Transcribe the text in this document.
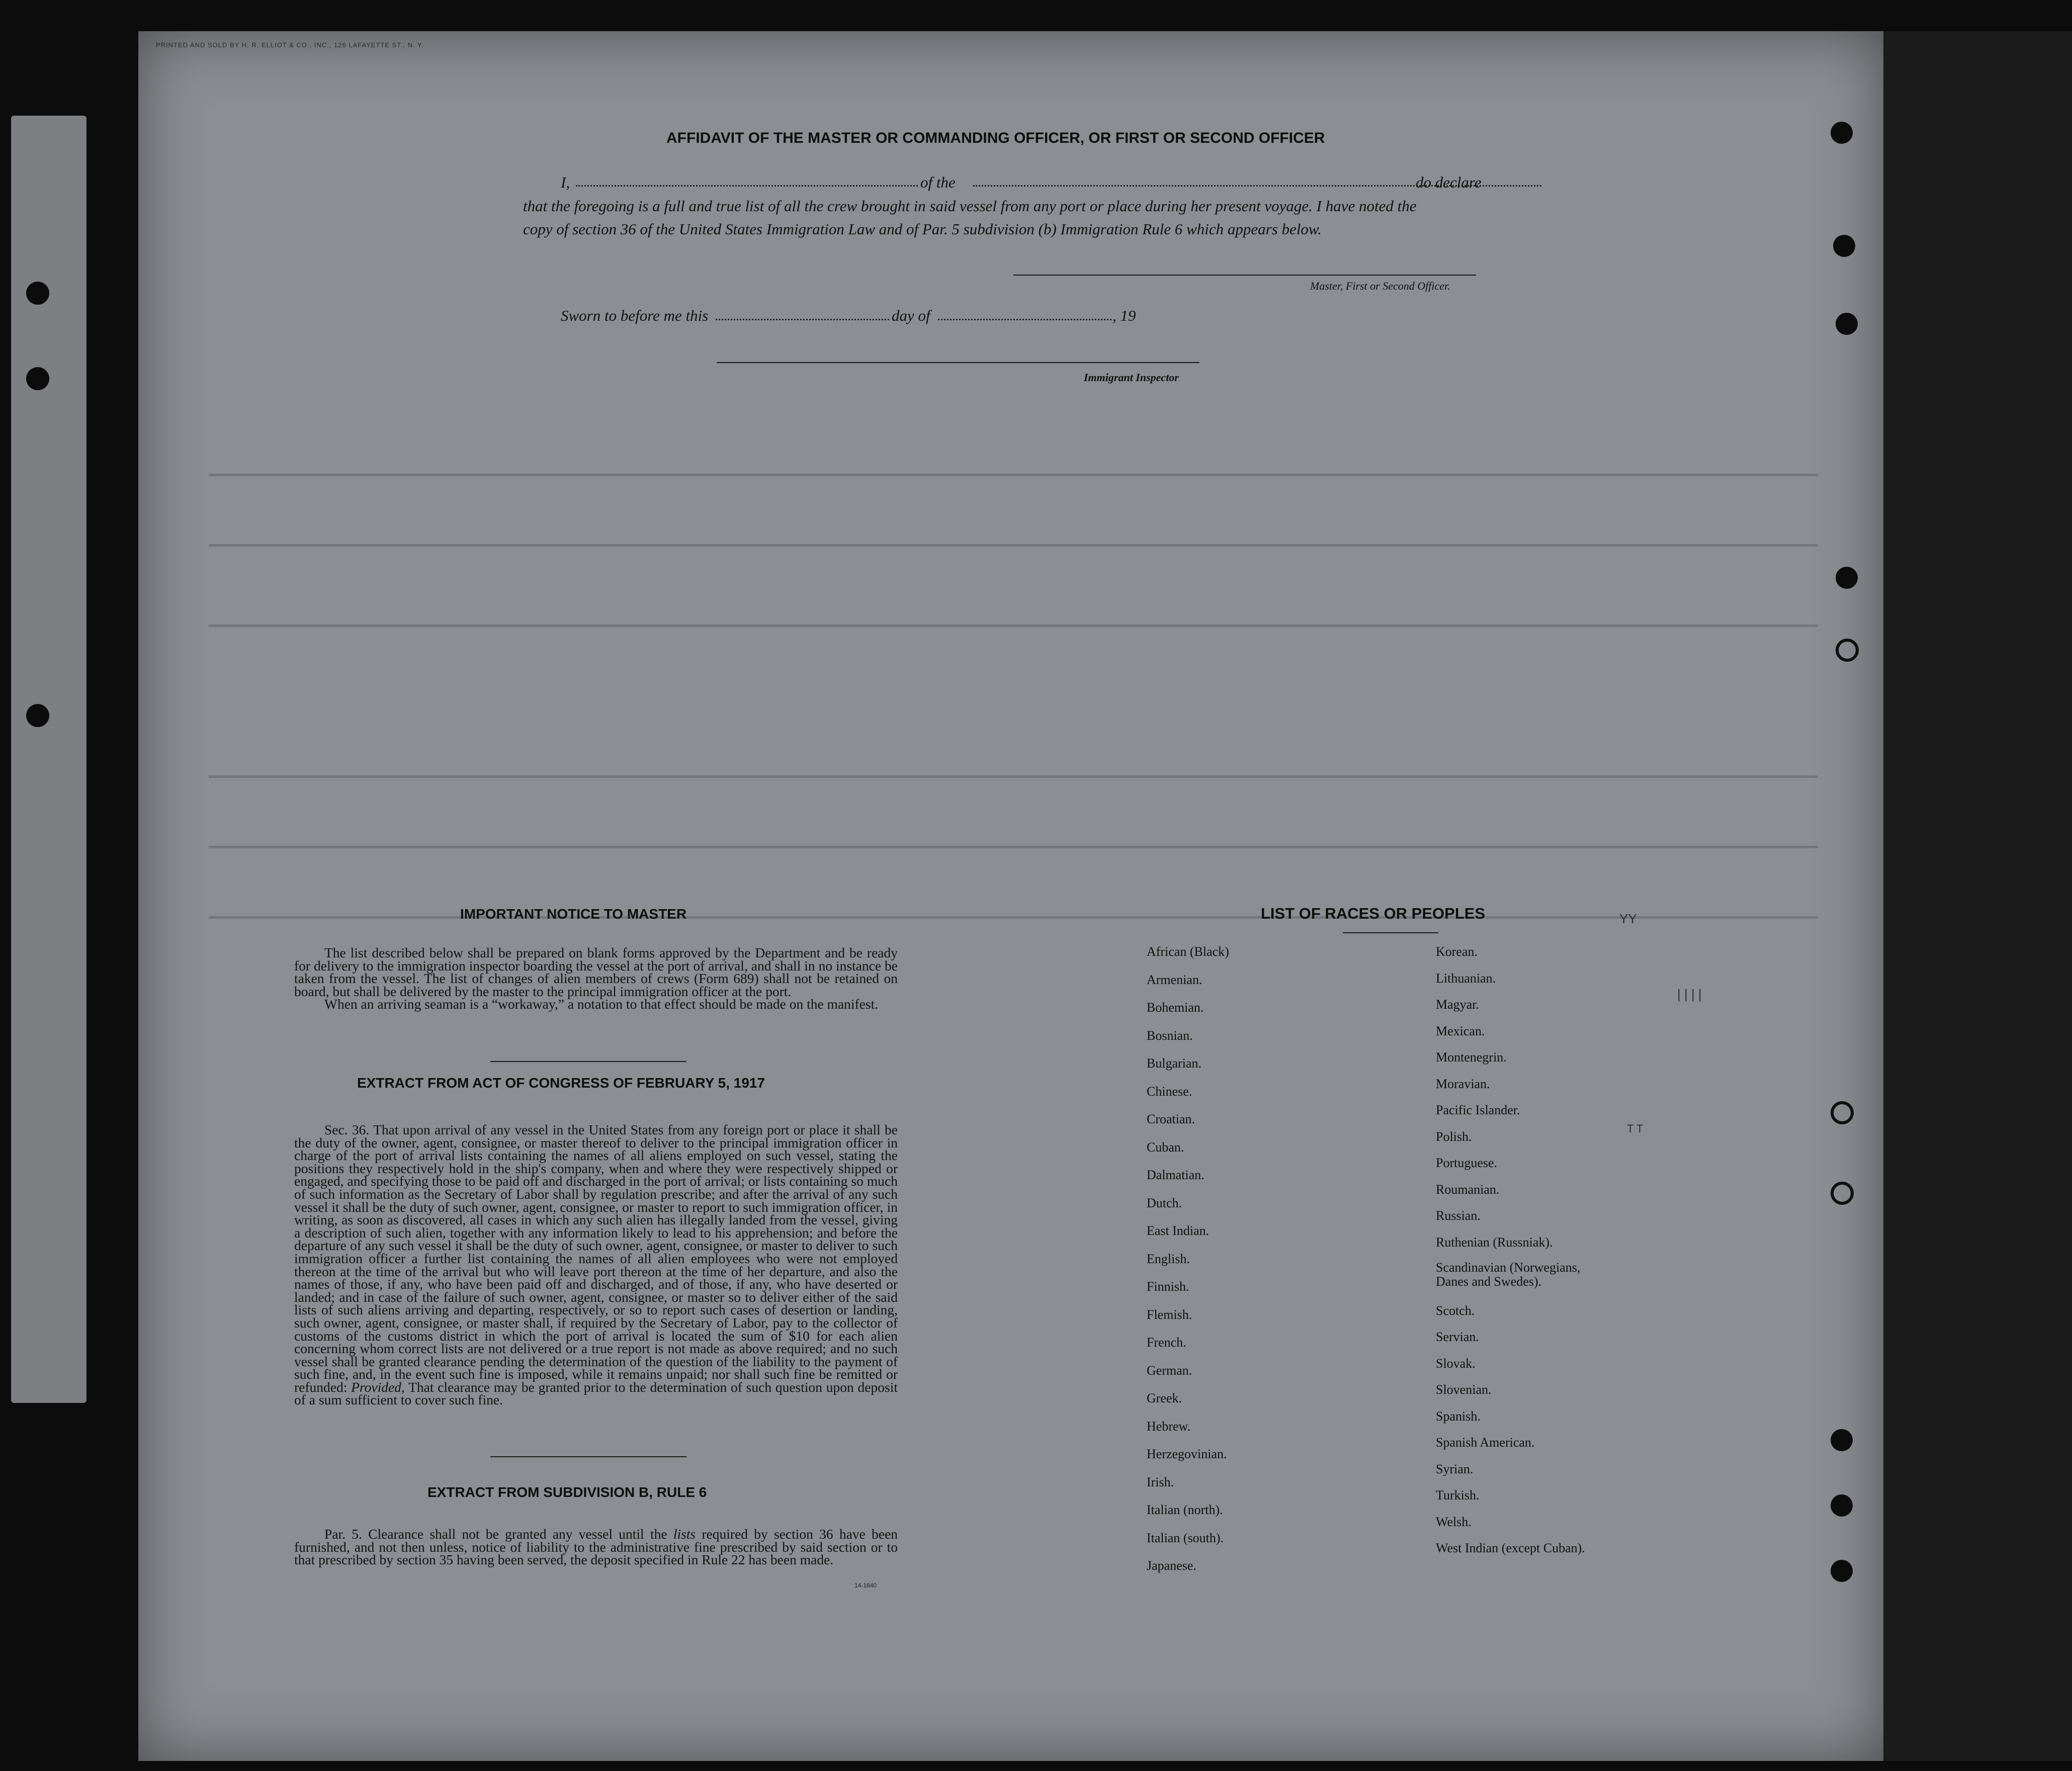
PRINTED AND SOLD BY H. R. ELLIOT & CO., INC., 126 LAFAYETTE ST., N. Y.
AFFIDAVIT OF THE MASTER OR COMMANDING OFFICER, OR FIRST OR SECOND OFFICER
I,	of the	do declare
that the foregoing is a full and true list of all the crew brought in said vessel from any port or place during her present voyage. I have noted the
copy of section 36 of the United States Immigration Law and of Par. 5 subdivision (b) Immigration Rule 6 which appears below.
Master, First or Second Officer.
Sworn to before me this	day of	, 19
Immigrant Inspector
IMPORTANT NOTICE TO MASTER

The list described below shall be prepared on blank forms approved by the Department and be ready for delivery to the immigration inspector boarding the vessel at the port of arrival, and shall in no instance be taken from the vessel. The list of changes of alien members of crews (Form 689) shall not be retained on board, but shall be delivered by the master to the principal immigration officer at the port.

When an arriving seaman is a “workaway,” a notation to that effect should be made on the manifest.

EXTRACT FROM ACT OF CONGRESS OF FEBRUARY 5, 1917

Sec. 36. That upon arrival of any vessel in the United States from any foreign port or place it shall be the duty of the owner, agent, consignee, or master thereof to deliver to the principal immigration officer in charge of the port of arrival lists containing the names of all aliens employed on such vessel, stating the positions they respectively hold in the ship's company, when and where they were respectively shipped or engaged, and specifying those to be paid off and discharged in the port of arrival; or lists containing so much of such information as the Secretary of Labor shall by regulation prescribe; and after the arrival of any such vessel it shall be the duty of such owner, agent, consignee, or master to report to such immigration officer, in writing, as soon as discovered, all cases in which any such alien has illegally landed from the vessel, giving a description of such alien, together with any information likely to lead to his apprehension; and before the departure of any such vessel it shall be the duty of such owner, agent, consignee, or master to deliver to such immigration officer a further list containing the names of all alien employees who were not employed thereon at the time of the arrival but who will leave port thereon at the time of her departure, and also the names of those, if any, who have been paid off and discharged, and of those, if any, who have deserted or landed; and in case of the failure of such owner, agent, consignee, or master so to deliver either of the said lists of such aliens arriving and departing, respectively, or so to report such cases of desertion or landing, such owner, agent, consignee, or master shall, if required by the Secretary of Labor, pay to the collector of customs of the customs district in which the port of arrival is located the sum of $10 for each alien concerning whom correct lists are not delivered or a true report is not made as above required; and no such vessel shall be granted clearance pending the determination of the question of the liability to the payment of such fine, and, in the event such fine is imposed, while it remains unpaid; nor shall such fine be remitted or refunded: Provided, That clearance may be granted prior to the determination of such question upon deposit of a sum sufficient to cover such fine.

EXTRACT FROM SUBDIVISION B, RULE 6

Par. 5. Clearance shall not be granted any vessel until the lists required by section 36 have been furnished, and not then unless, notice of liability to the administrative fine prescribed by said section or to that prescribed by section 35 having been served, the deposit specified in Rule 22 has been made.

14-1840
LIST OF RACES OR PEOPLES
African (Black)
Armenian.
Bohemian.
Bosnian.
Bulgarian.
Chinese.
Croatian.
Cuban.
Dalmatian.
Dutch.
East Indian.
English.
Finnish.
Flemish.
French.
German.
Greek.
Hebrew.
Herzegovinian.
Irish.
Italian (north).
Italian (south).
Japanese.
Korean.
Lithuanian.
Magyar.
Mexican.
Montenegrin.
Moravian.
Pacific Islander.
Polish.
Portuguese.
Roumanian.
Russian.
Ruthenian (Russniak).
Scandinavian (Norwegians,
Danes and Swedes).
Scotch.
Servian.
Slovak.
Slovenian.
Spanish.
Spanish American.
Syrian.
Turkish.
Welsh.
West Indian (except Cuban).
YY
| | | |
T T
